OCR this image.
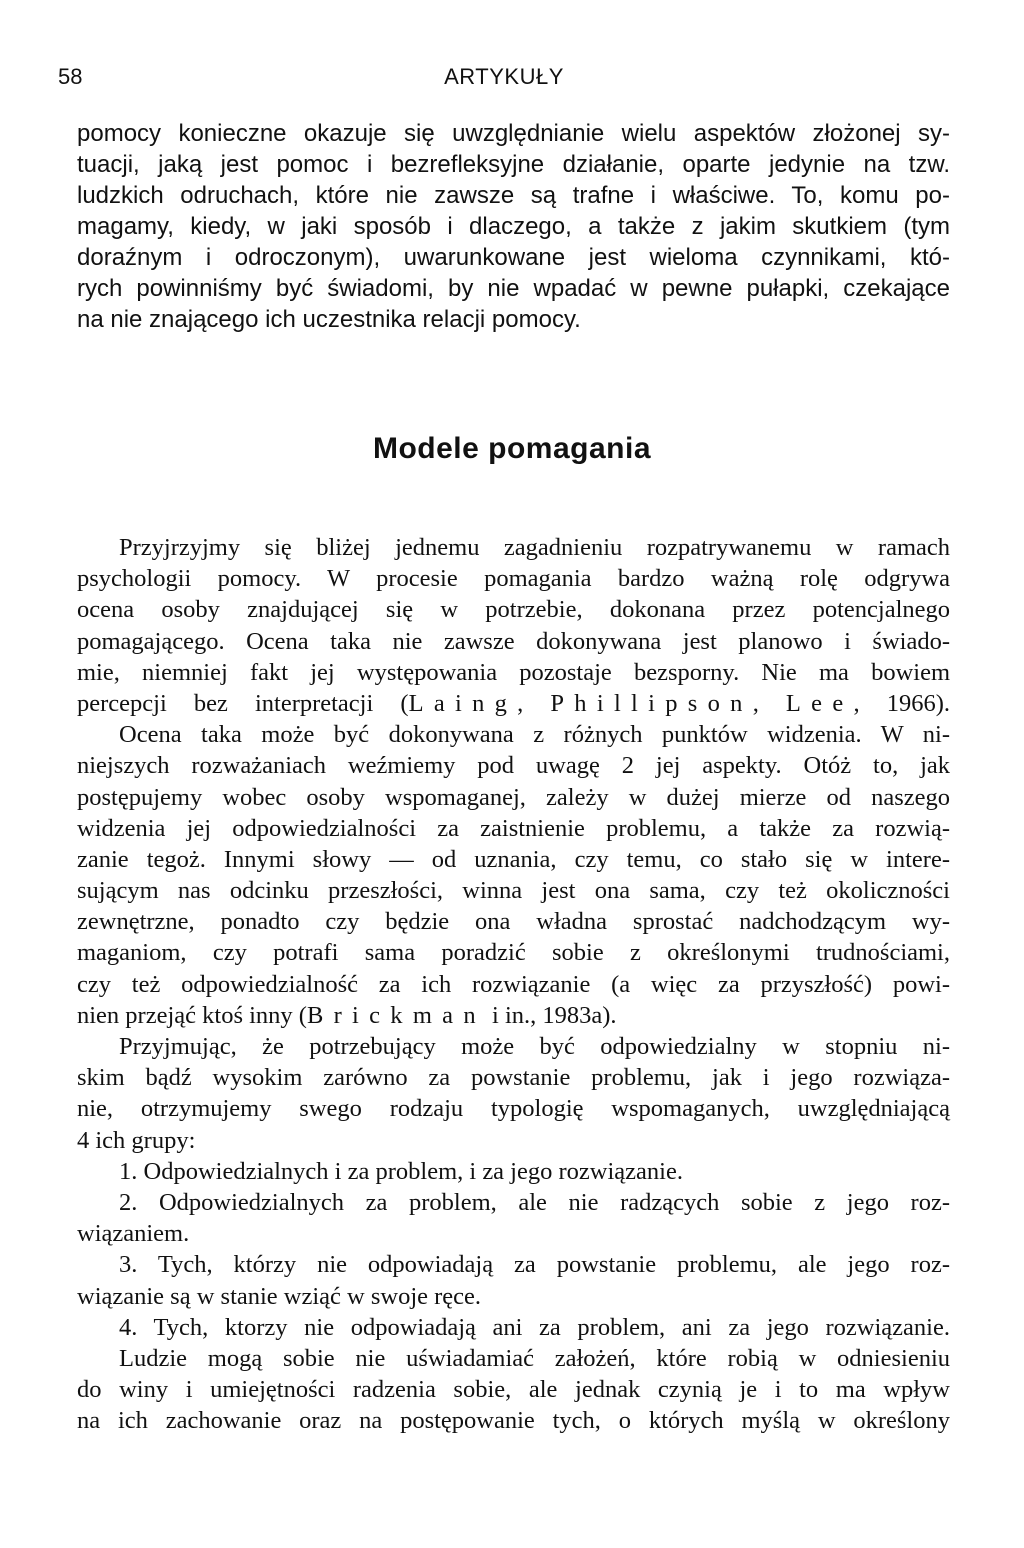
58	ARTYKUŁY
pomocy konieczne okazuje się uwzględnianie wielu aspektów złożonej sy-
tuacji, jaką jest pomoc i bezrefleksyjne działanie, oparte jedynie na tzw.
ludzkich odruchach, które nie zawsze są trafne i właściwe. To, komu po-
magamy, kiedy, w jaki sposób i dlaczego, a także z jakim skutkiem (tym
doraźnym i odroczonym), uwarunkowane jest wieloma czynnikami, któ-
rych powinniśmy być świadomi, by nie wpadać w pewne pułapki, czekające
na nie znającego ich uczestnika relacji pomocy.
Modele pomagania
Przyjrzyjmy się bliżej jednemu zagadnieniu rozpatrywanemu w ramach
psychologii pomocy. W procesie pomagania bardzo ważną rolę odgrywa
ocena osoby znajdującej się w potrzebie, dokonana przez potencjalnego
pomagającego. Ocena taka nie zawsze dokonywana jest planowo i świado-
mie, niemniej fakt jej występowania pozostaje bezsporny. Nie ma bowiem
percepcji bez interpretacji (Laing, Phillipson, Lee, 1966).
Ocena taka może być dokonywana z różnych punktów widzenia. W ni-
niejszych rozważaniach weźmiemy pod uwagę 2 jej aspekty. Otóż to, jak
postępujemy wobec osoby wspomaganej, zależy w dużej mierze od naszego
widzenia jej odpowiedzialności za zaistnienie problemu, a także za rozwią-
zanie tegoż. Innymi słowy — od uznania, czy temu, co stało się w intere-
sującym nas odcinku przeszłości, winna jest ona sama, czy też okoliczności
zewnętrzne, ponadto czy będzie ona władna sprostać nadchodzącym wy-
maganiom, czy potrafi sama poradzić sobie z określonymi trudnościami,
czy też odpowiedzialność za ich rozwiązanie (a więc za przyszłość) powi-
nien przejąć ktoś inny (Brickman i in., 1983a).
Przyjmując, że potrzebujący może być odpowiedzialny w stopniu ni-
skim bądź wysokim zarówno za powstanie problemu, jak i jego rozwiąza-
nie, otrzymujemy swego rodzaju typologię wspomaganych, uwzględniającą
4 ich grupy:
1. Odpowiedzialnych i za problem, i za jego rozwiązanie.
2. Odpowiedzialnych za problem, ale nie radzących sobie z jego roz-
wiązaniem.
3. Tych, którzy nie odpowiadają za powstanie problemu, ale jego roz-
wiązanie są w stanie wziąć w swoje ręce.
4. Tych, ktorzy nie odpowiadają ani za problem, ani za jego rozwiązanie.
Ludzie mogą sobie nie uświadamiać założeń, które robią w odniesieniu
do winy i umiejętności radzenia sobie, ale jednak czynią je i to ma wpływ
na ich zachowanie oraz na postępowanie tych, o których myślą w określony
